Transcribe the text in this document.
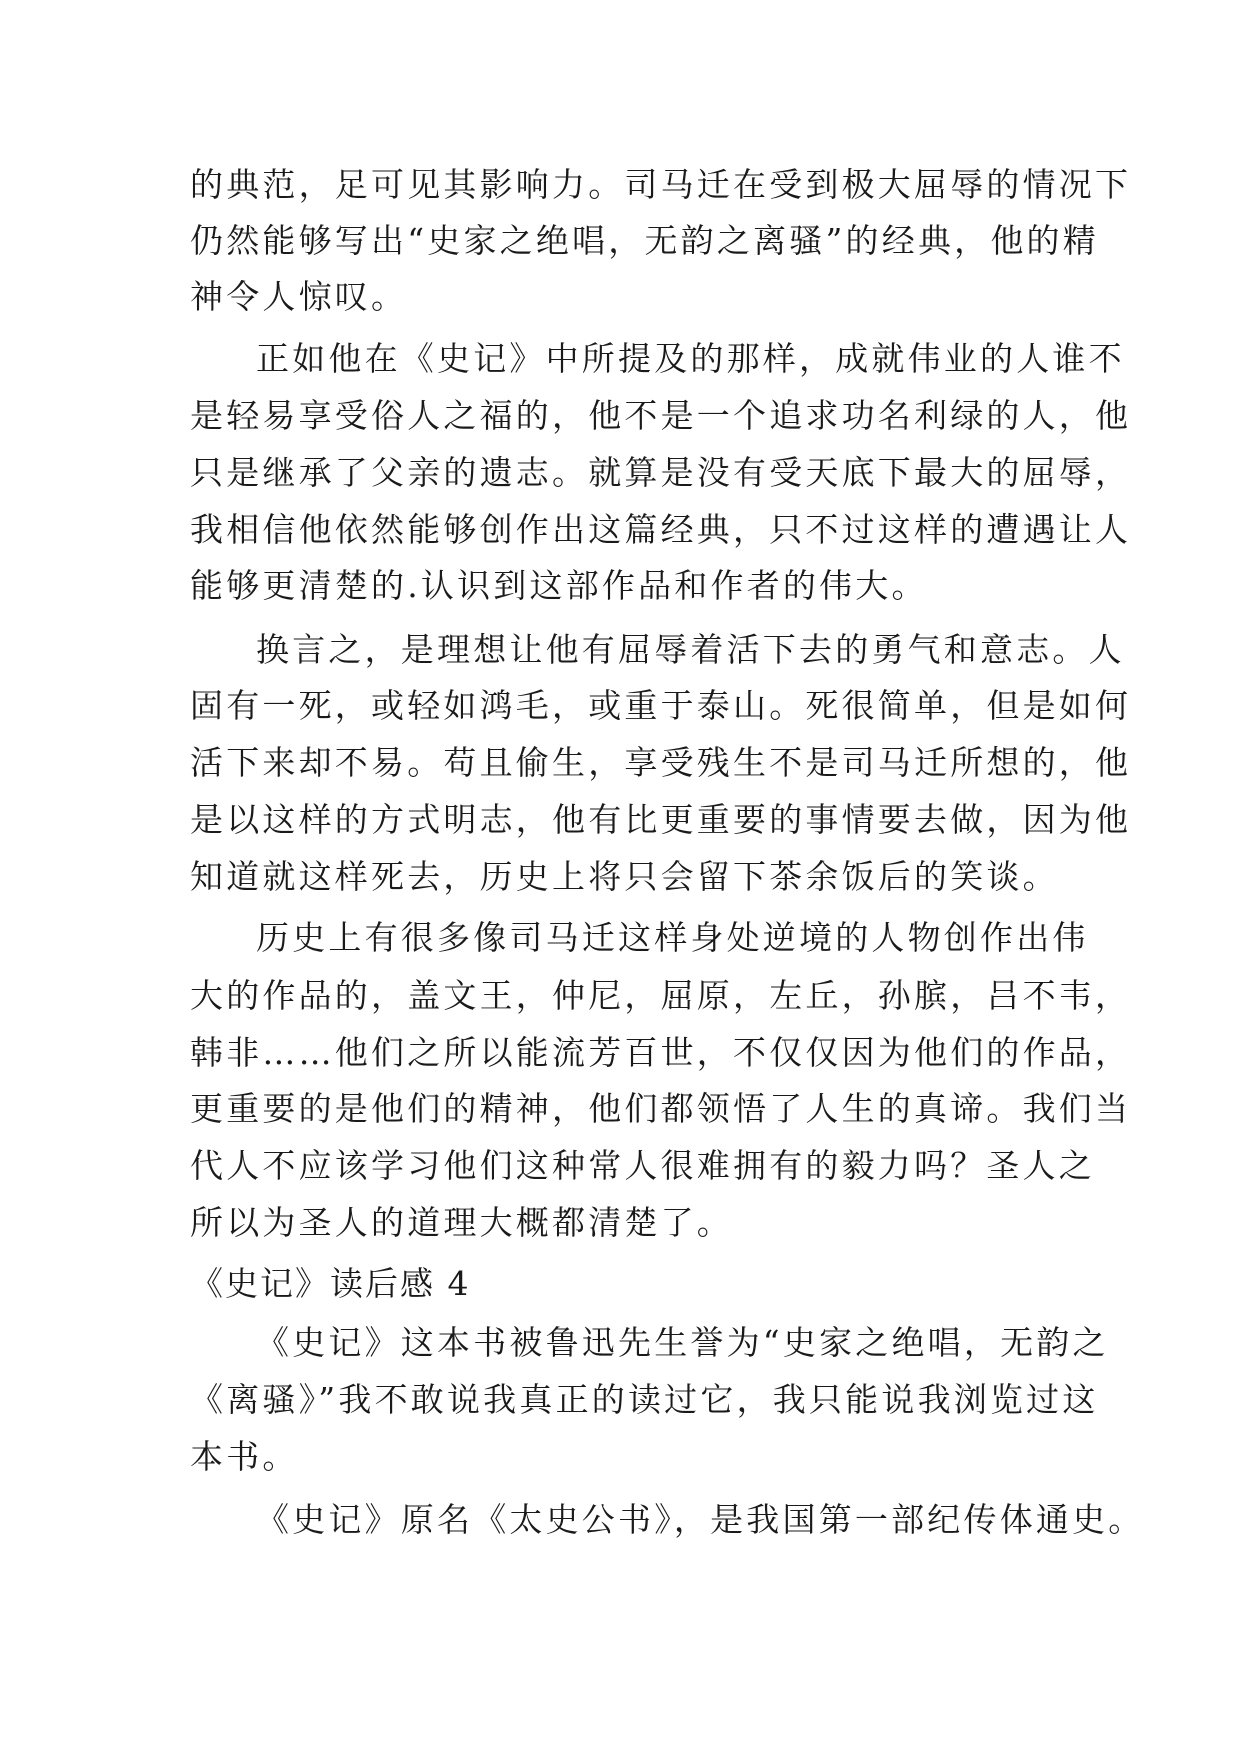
的典范，足可见其影响力。司马迁在受到极大屈辱的情况下
仍然能够写出“史家之绝唱，无韵之离骚”的经典，他的精
神令人惊叹。
正如他在《史记》中所提及的那样，成就伟业的人谁不
是轻易享受俗人之福的，他不是一个追求功名利绿的人，他
只是继承了父亲的遗志。就算是没有受天底下最大的屈辱，
我相信他依然能够创作出这篇经典，只不过这样的遭遇让人
能够更清楚的.认识到这部作品和作者的伟大。
换言之，是理想让他有屈辱着活下去的勇气和意志。人
固有一死，或轻如鸿毛，或重于泰山。死很简单，但是如何
活下来却不易。苟且偷生，享受残生不是司马迁所想的，他
是以这样的方式明志，他有比更重要的事情要去做，因为他
知道就这样死去，历史上将只会留下茶余饭后的笑谈。
历史上有很多像司马迁这样身处逆境的人物创作出伟
大的作品的，盖文王，仲尼，屈原，左丘，孙膑，吕不韦，
韩非……他们之所以能流芳百世，不仅仅因为他们的作品，
更重要的是他们的精神，他们都领悟了人生的真谛。我们当
代人不应该学习他们这种常人很难拥有的毅力吗？圣人之
所以为圣人的道理大概都清楚了。
《史记》读后感 4
《史记》这本书被鲁迅先生誉为“史家之绝唱，无韵之
《离骚》”我不敢说我真正的读过它，我只能说我浏览过这
本书。
《史记》原名《太史公书》，是我国第一部纪传体通史。
